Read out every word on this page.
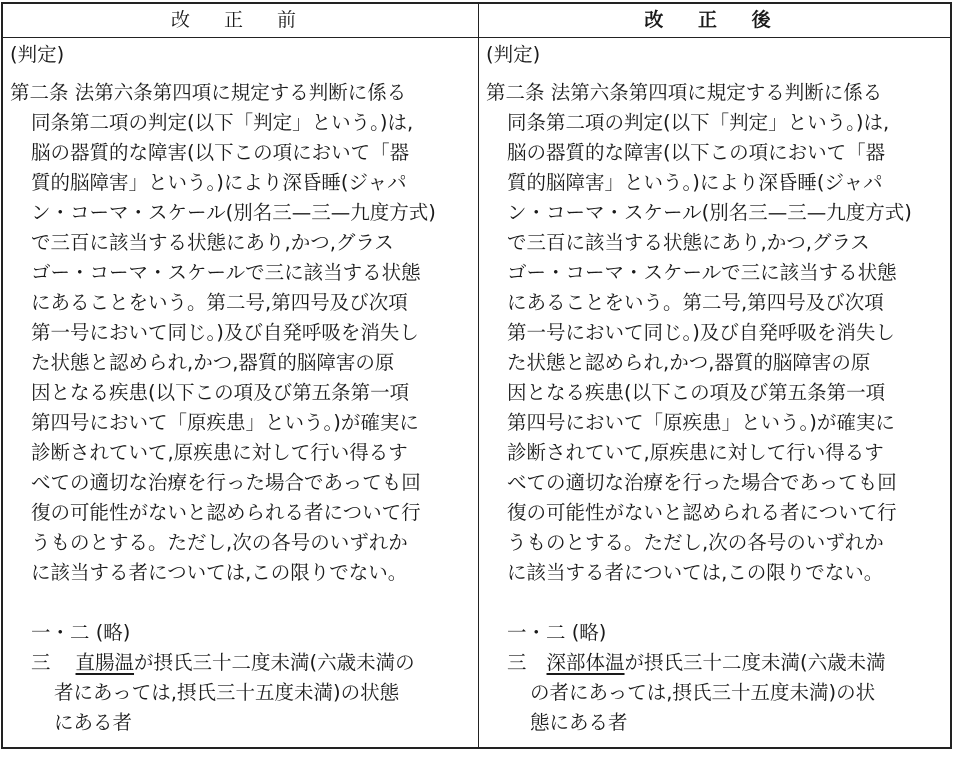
改 正 前	改 正 後
(判定)
第二条 法第六条第四項に規定する判断に係る
同条第二項の判定(以下「判定」という。)は,
脳の器質的な障害(以下この項において「器
質的脳障害」という。)により深昏睡(ジャパ
ン・コーマ・スケール(別名三—三—九度方式)
で三百に該当する状態にあり,かつ,グラス
ゴー・コーマ・スケールで三に該当する状態
にあることをいう。第二号,第四号及び次項
第一号において同じ。)及び自発呼吸を消失し
た状態と認められ,かつ,器質的脳障害の原
因となる疾患(以下この項及び第五条第一項
第四号において「原疾患」という。)が確実に
診断されていて,原疾患に対して行い得るす
べての適切な治療を行った場合であっても回
復の可能性がないと認められる者について行
うものとする。ただし,次の各号のいずれか
に該当する者については,この限りでない。
一・二 (略)
三 直腸温が摂氏三十二度未満(六歳未満の
者にあっては,摂氏三十五度未満)の状態
にある者
(判定)
第二条 法第六条第四項に規定する判断に係る
同条第二項の判定(以下「判定」という。)は,
脳の器質的な障害(以下この項において「器
質的脳障害」という。)により深昏睡(ジャパ
ン・コーマ・スケール(別名三—三—九度方式)
で三百に該当する状態にあり,かつ,グラス
ゴー・コーマ・スケールで三に該当する状態
にあることをいう。第二号,第四号及び次項
第一号において同じ。)及び自発呼吸を消失し
た状態と認められ,かつ,器質的脳障害の原
因となる疾患(以下この項及び第五条第一項
第四号において「原疾患」という。)が確実に
診断されていて,原疾患に対して行い得るす
べての適切な治療を行った場合であっても回
復の可能性がないと認められる者について行
うものとする。ただし,次の各号のいずれか
に該当する者については,この限りでない。
一・二 (略)
三 深部体温が摂氏三十二度未満(六歳未満
の者にあっては,摂氏三十五度未満)の状
態にある者
